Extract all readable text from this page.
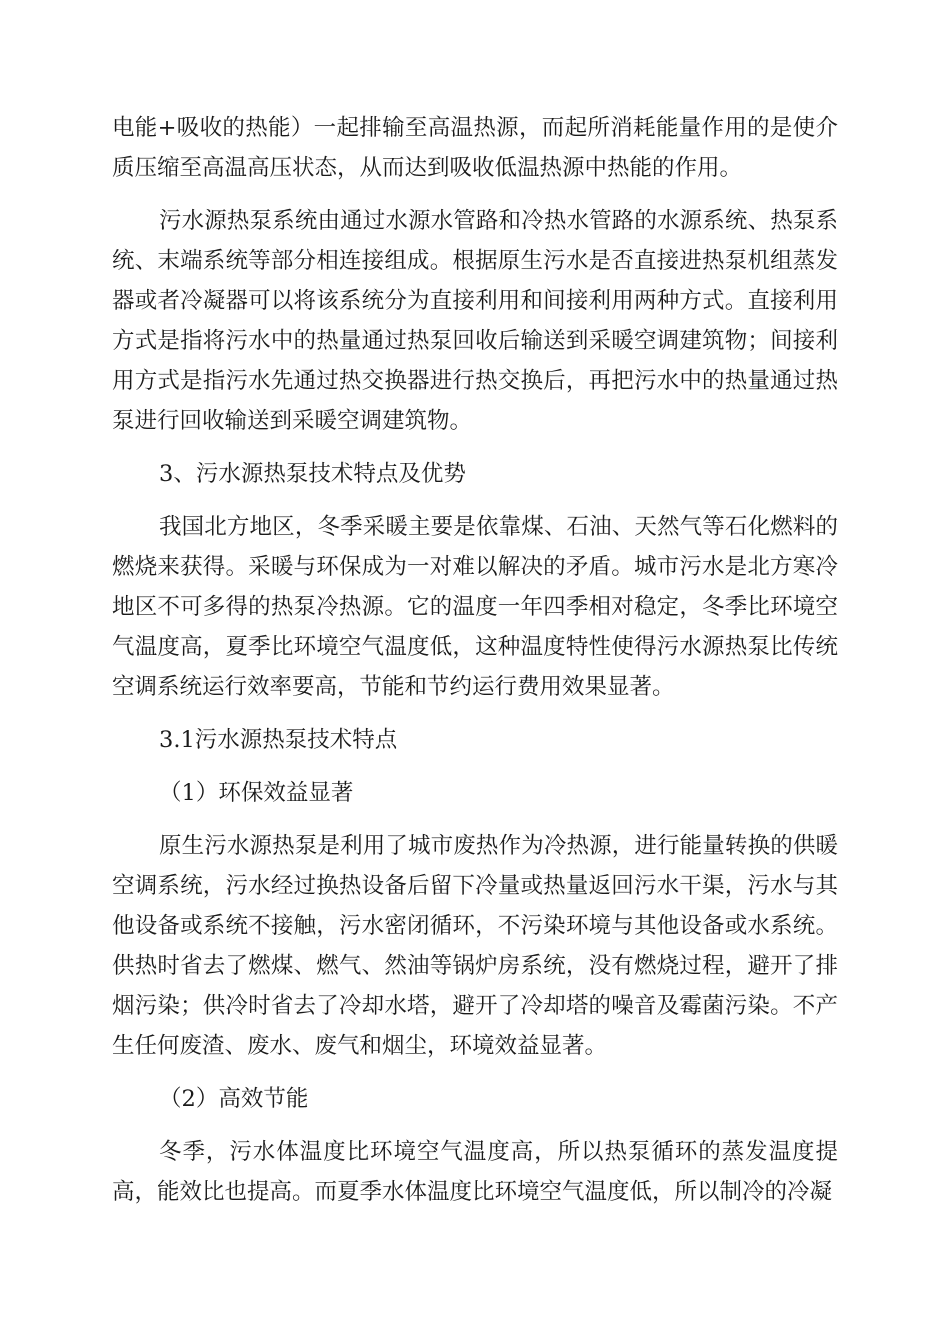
电能+吸收的热能）一起排输至高温热源，而起所消耗能量作用的是使介质压缩至高温高压状态，从而达到吸收低温热源中热能的作用。

污水源热泵系统由通过水源水管路和冷热水管路的水源系统、热泵系统、末端系统等部分相连接组成。根据原生污水是否直接进热泵机组蒸发器或者冷凝器可以将该系统分为直接利用和间接利用两种方式。直接利用方式是指将污水中的热量通过热泵回收后输送到采暖空调建筑物；间接利用方式是指污水先通过热交换器进行热交换后，再把污水中的热量通过热泵进行回收输送到采暖空调建筑物。

3、污水源热泵技术特点及优势

我国北方地区，冬季采暖主要是依靠煤、石油、天然气等石化燃料的燃烧来获得。采暖与环保成为一对难以解决的矛盾。城市污水是北方寒冷地区不可多得的热泵冷热源。它的温度一年四季相对稳定，冬季比环境空气温度高，夏季比环境空气温度低，这种温度特性使得污水源热泵比传统空调系统运行效率要高，节能和节约运行费用效果显著。

3.1污水源热泵技术特点

（1）环保效益显著

原生污水源热泵是利用了城市废热作为冷热源，进行能量转换的供暖空调系统，污水经过换热设备后留下冷量或热量返回污水干渠，污水与其他设备或系统不接触，污水密闭循环，不污染环境与其他设备或水系统。供热时省去了燃煤、燃气、然油等锅炉房系统，没有燃烧过程，避开了排烟污染；供冷时省去了冷却水塔，避开了冷却塔的噪音及霉菌污染。不产生任何废渣、废水、废气和烟尘，环境效益显著。

（2）高效节能

冬季，污水体温度比环境空气温度高，所以热泵循环的蒸发温度提高，能效比也提高。而夏季水体温度比环境空气温度低，所以制冷的冷凝
